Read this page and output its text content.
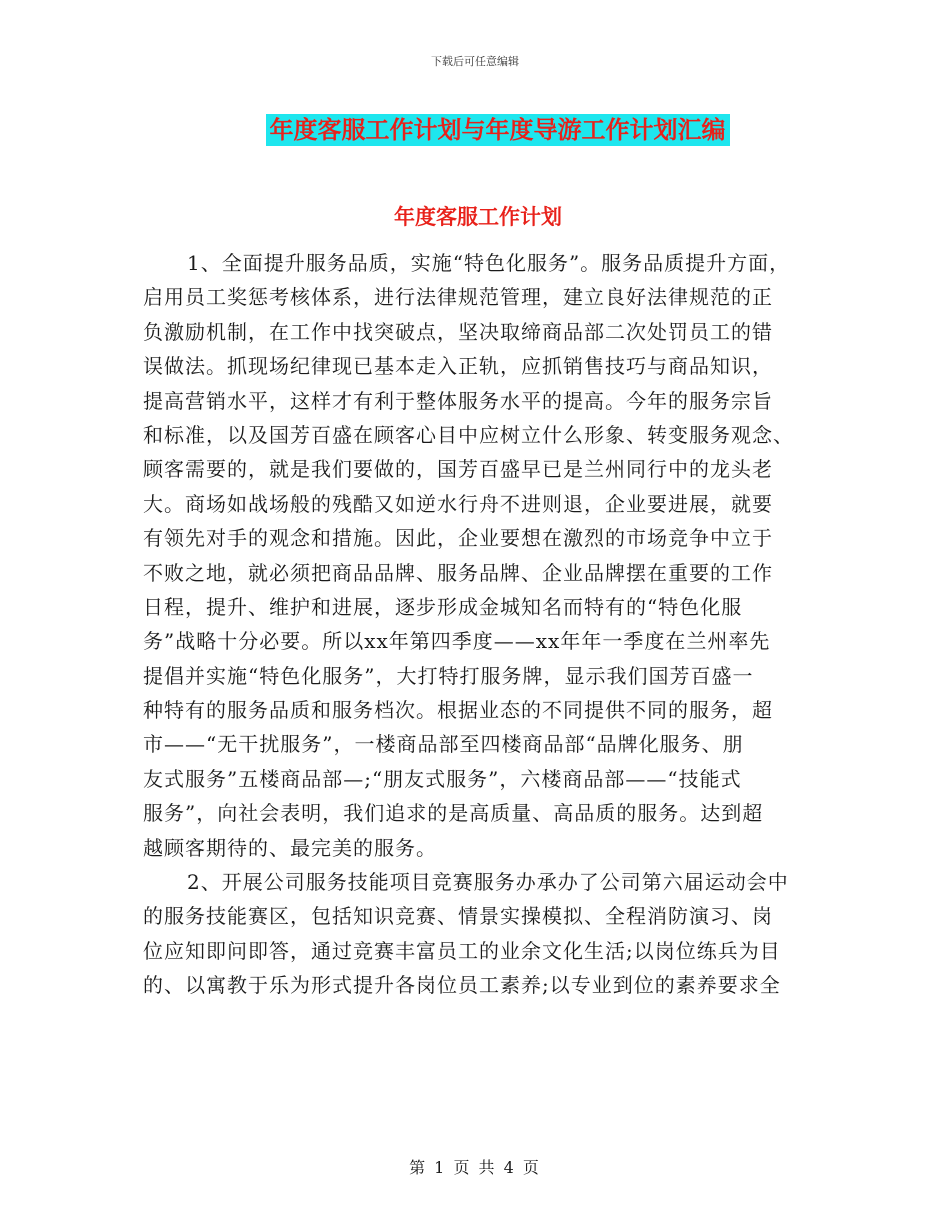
下载后可任意编辑
年度客服工作计划与年度导游工作计划汇编
年度客服工作计划
1、全面提升服务品质，实施“特色化服务”。服务品质提升方面，
启用员工奖惩考核体系，进行法律规范管理，建立良好法律规范的正
负激励机制，在工作中找突破点，坚决取缔商品部二次处罚员工的错
误做法。抓现场纪律现已基本走入正轨，应抓销售技巧与商品知识，
提高营销水平，这样才有利于整体服务水平的提高。今年的服务宗旨
和标准，以及国芳百盛在顾客心目中应树立什么形象、转变服务观念、
顾客需要的，就是我们要做的，国芳百盛早已是兰州同行中的龙头老
大。商场如战场般的残酷又如逆水行舟不进则退，企业要进展，就要
有领先对手的观念和措施。因此，企业要想在激烈的市场竞争中立于
不败之地，就必须把商品品牌、服务品牌、企业品牌摆在重要的工作
日程，提升、维护和进展，逐步形成金城知名而特有的“特色化服
务”战略十分必要。所以xx年第四季度——xx年年一季度在兰州率先
提倡并实施“特色化服务”，大打特打服务牌，显示我们国芳百盛一
种特有的服务品质和服务档次。根据业态的不同提供不同的服务，超
市——“无干扰服务”，一楼商品部至四楼商品部“品牌化服务、朋
友式服务”五楼商品部—;“朋友式服务”，六楼商品部——“技能式
服务”，向社会表明，我们追求的是高质量、高品质的服务。达到超
越顾客期待的、最完美的服务。
2、开展公司服务技能项目竞赛服务办承办了公司第六届运动会中
的服务技能赛区，包括知识竞赛、情景实操模拟、全程消防演习、岗
位应知即问即答，通过竞赛丰富员工的业余文化生活;以岗位练兵为目
的、以寓教于乐为形式提升各岗位员工素养;以专业到位的素养要求全
第 1 页 共 4 页
